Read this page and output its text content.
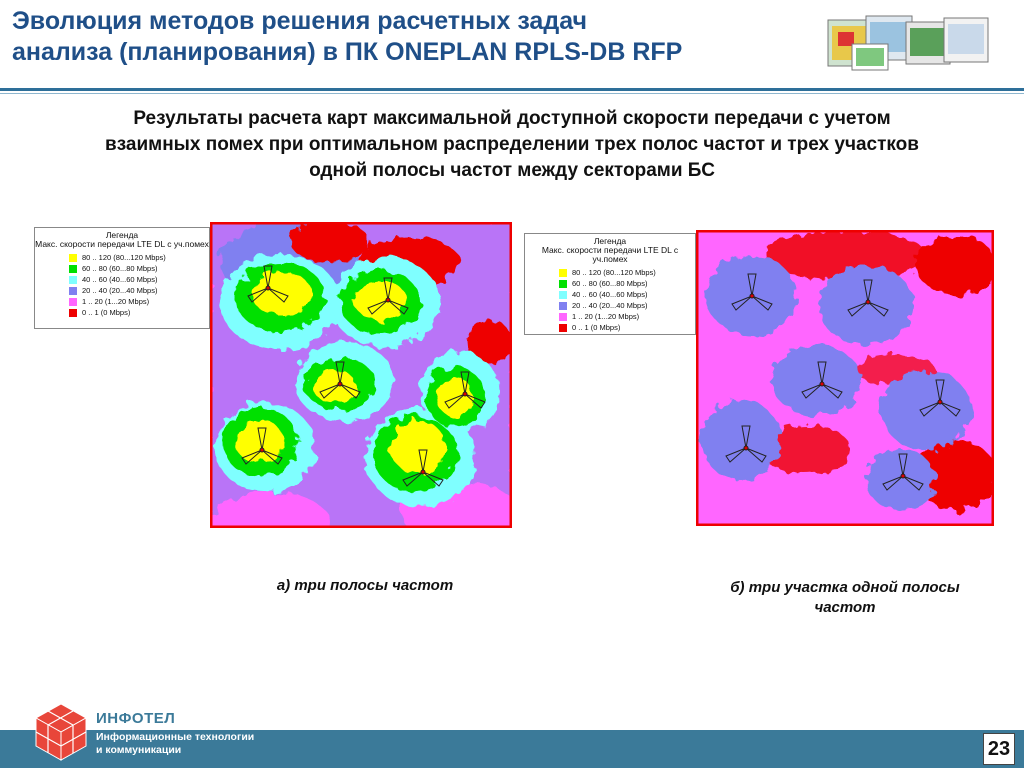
Эволюция методов решения расчетных задач
анализа (планирования) в ПК ONEPLAN RPLS-DB RFP
Результаты расчета карт максимальной доступной скорости передачи с учетом
взаимных помех при оптимальном распределении трех полос частот и трех участков
одной полосы частот между секторами БС
Легенда
Макс. скорости передачи LTE DL с уч.помех
80 .. 120 (80...120 Mbps)
60 .. 80 (60...80 Mbps)
40 .. 60 (40...60 Mbps)
20 .. 40 (20...40 Mbps)
1 .. 20 (1...20 Mbps)
0 .. 1 (0 Mbps)
Легенда
Макс. скорости передачи LTE DL с уч.помех
80 .. 120 (80...120 Mbps)
60 .. 80 (60...80 Mbps)
40 .. 60 (40...60 Mbps)
20 .. 40 (20...40 Mbps)
1 .. 20 (1...20 Mbps)
0 .. 1 (0 Mbps)
а) три полосы частот	б) три участка одной полосы
частот
ИНФОТЕЛ
Информационные технологии
и коммуникации	23
